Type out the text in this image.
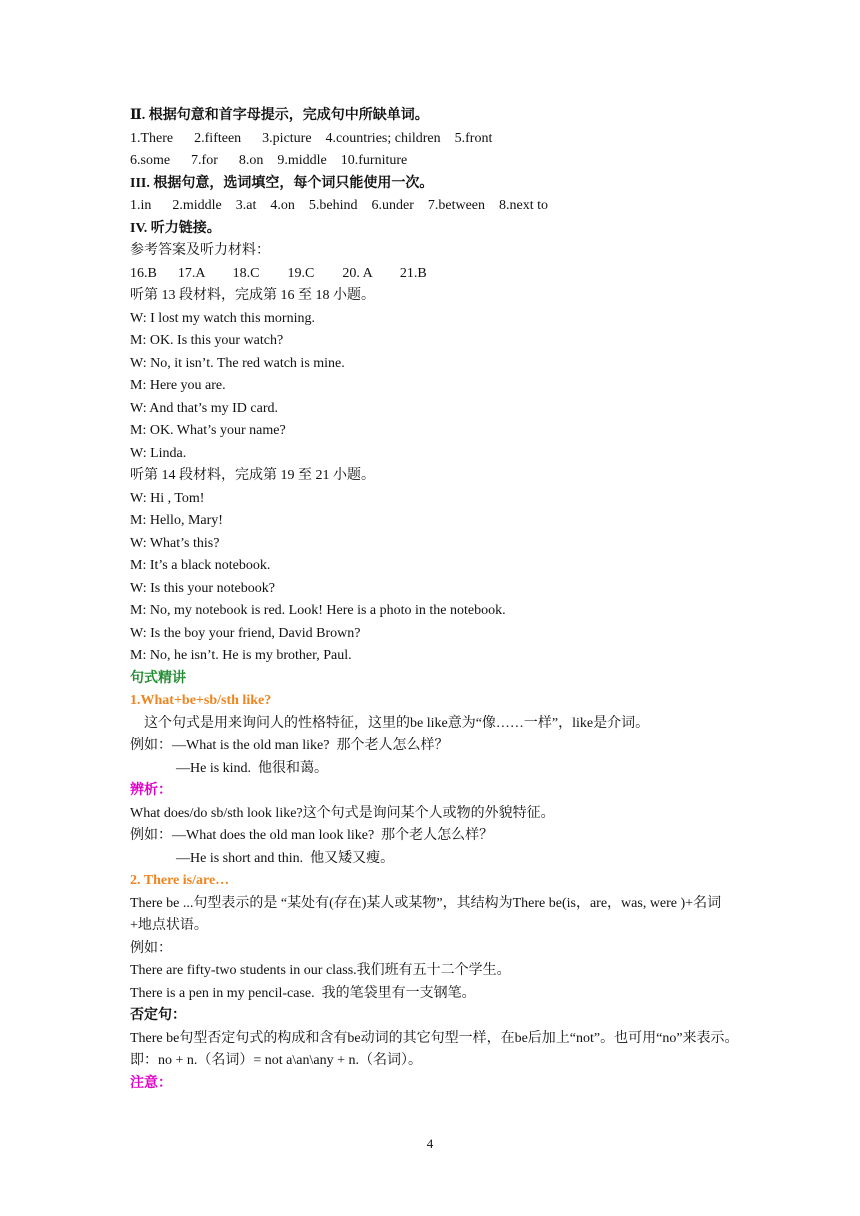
Ⅱ. 根据句意和首字母提示，完成句中所缺单词。
1.There      2.fifteen      3.picture    4.countries; children    5.front
6.some      7.for      8.on    9.middle    10.furniture
III. 根据句意，选词填空，每个词只能使用一次。
1.in      2.middle    3.at    4.on    5.behind    6.under    7.between    8.next to
IV. 听力链接。
参考答案及听力材料：
16.B      17.A        18.C        19.C        20. A        21.B
听第 13 段材料，完成第 16 至 18 小题。
W: I lost my watch this morning.
M: OK. Is this your watch?
W: No, it isn’t. The red watch is mine.
M: Here you are.
W: And that’s my ID card.
M: OK. What’s your name?
W: Linda.
听第 14 段材料，完成第 19 至 21 小题。
W: Hi , Tom!
M: Hello, Mary!
W: What’s this?
M: It’s a black notebook.
W: Is this your notebook?
M: No, my notebook is red. Look! Here is a photo in the notebook.
W: Is the boy your friend, David Brown?
M: No, he isn’t. He is my brother, Paul.
句式精讲
1.What+be+sb/sth like?
这个句式是用来询问人的性格特征，这里的be like意为“像……一样”，like是介词。
例如：—What is the old man like?  那个老人怎么样？
—He is kind.  他很和蔼。
辨析：
What does/do sb/sth look like?这个句式是询问某个人或物的外貌特征。
例如：—What does the old man look like?  那个老人怎么样？
—He is short and thin.  他又矮又瘦。
2. There is/are…
There be ...句型表示的是 “某处有(存在)某人或某物”，其结构为There be(is，are，was, were )+名词+地点状语。
例如：
There are fifty-two students in our class.我们班有五十二个学生。
There is a pen in my pencil-case.  我的笔袋里有一支钢笔。
否定句：
There be句型否定句式的构成和含有be动词的其它句型一样，在be后加上“not”。也可用“no”来表示。即：no + n.（名词）= not a\an\any + n.（名词）。
注意：
4
